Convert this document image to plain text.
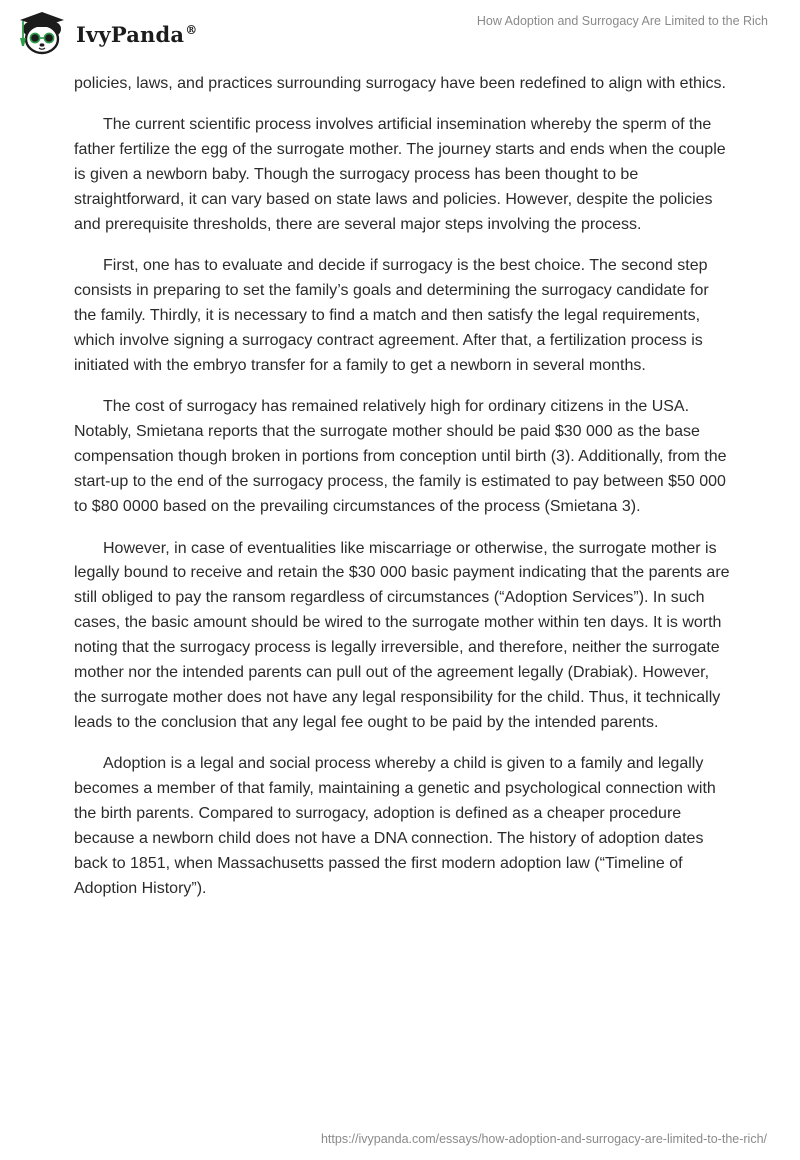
IvyPanda®
How Adoption and Surrogacy Are Limited to the Rich

policies, laws, and practices surrounding surrogacy have been redefined to align with ethics.

The current scientific process involves artificial insemination whereby the sperm of the father fertilize the egg of the surrogate mother. The journey starts and ends when the couple is given a newborn baby. Though the surrogacy process has been thought to be straightforward, it can vary based on state laws and policies. However, despite the policies and prerequisite thresholds, there are several major steps involving the process.

First, one has to evaluate and decide if surrogacy is the best choice. The second step consists in preparing to set the family’s goals and determining the surrogacy candidate for the family. Thirdly, it is necessary to find a match and then satisfy the legal requirements, which involve signing a surrogacy contract agreement. After that, a fertilization process is initiated with the embryo transfer for a family to get a newborn in several months.

The cost of surrogacy has remained relatively high for ordinary citizens in the USA. Notably, Smietana reports that the surrogate mother should be paid $30 000 as the base compensation though broken in portions from conception until birth (3). Additionally, from the start-up to the end of the surrogacy process, the family is estimated to pay between $50 000 to $80 0000 based on the prevailing circumstances of the process (Smietana 3).

However, in case of eventualities like miscarriage or otherwise, the surrogate mother is legally bound to receive and retain the $30 000 basic payment indicating that the parents are still obliged to pay the ransom regardless of circumstances (“Adoption Services”). In such cases, the basic amount should be wired to the surrogate mother within ten days. It is worth noting that the surrogacy process is legally irreversible, and therefore, neither the surrogate mother nor the intended parents can pull out of the agreement legally (Drabiak). However, the surrogate mother does not have any legal responsibility for the child. Thus, it technically leads to the conclusion that any legal fee ought to be paid by the intended parents.

Adoption is a legal and social process whereby a child is given to a family and legally becomes a member of that family, maintaining a genetic and psychological connection with the birth parents. Compared to surrogacy, adoption is defined as a cheaper procedure because a newborn child does not have a DNA connection. The history of adoption dates back to 1851, when Massachusetts passed the first modern adoption law (“Timeline of Adoption History”).

https://ivypanda.com/essays/how-adoption-and-surrogacy-are-limited-to-the-rich/
